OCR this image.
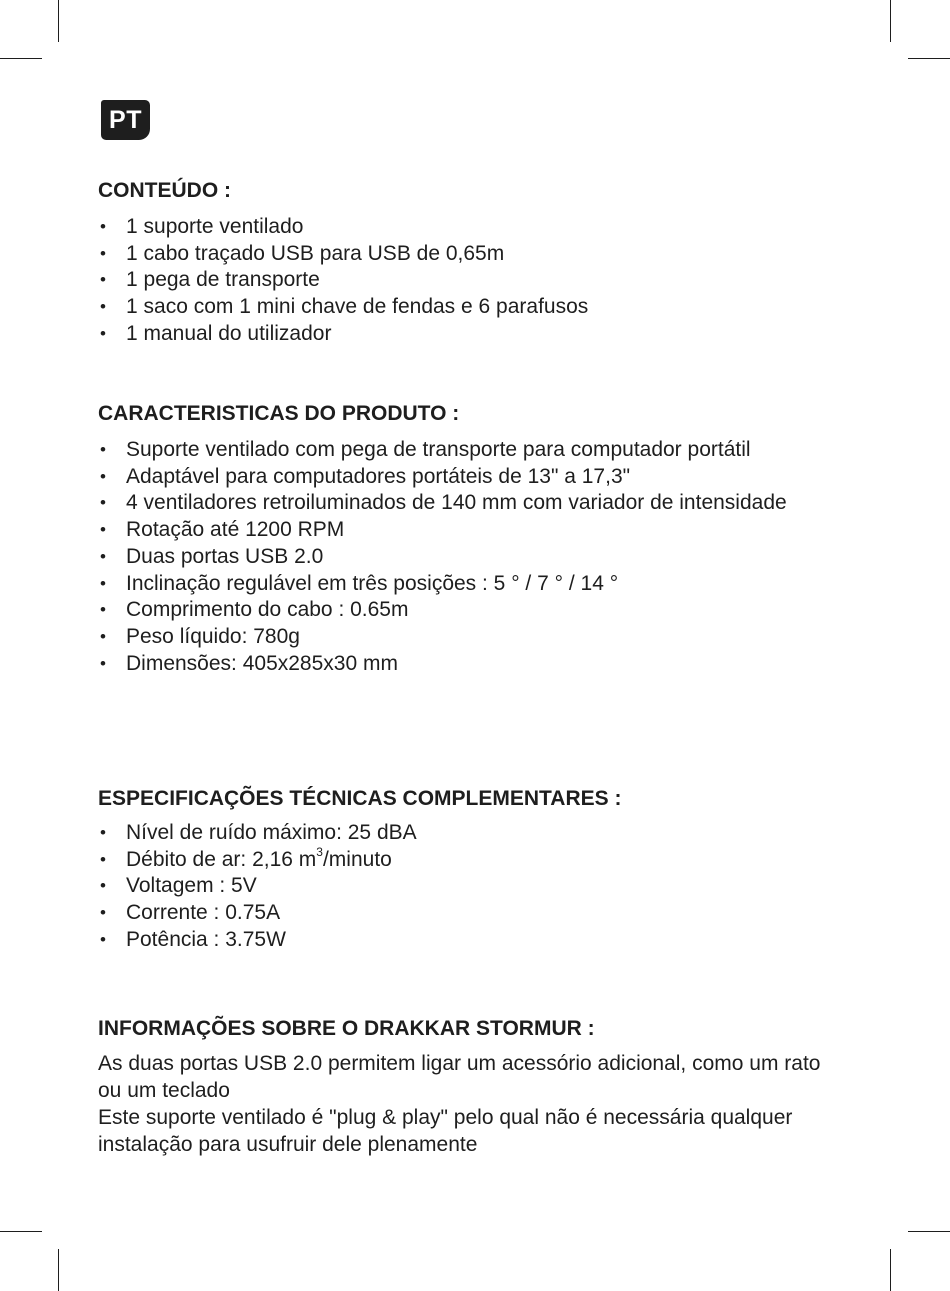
PT
CONTEÚDO :
• 1 suporte ventilado
• 1 cabo traçado USB para USB de 0,65m
• 1 pega de transporte
• 1 saco com 1 mini chave de fendas e 6 parafusos
• 1 manual do utilizador
CARACTERISTICAS DO PRODUTO :
• Suporte ventilado com pega de transporte para computador portátil
• Adaptável para computadores portáteis de 13" a 17,3"
• 4 ventiladores retroiluminados de 140 mm com variador de intensidade
• Rotação até 1200 RPM
• Duas portas USB 2.0
• Inclinação regulável em três posições : 5 ° / 7 ° / 14 °
• Comprimento do cabo : 0.65m
• Peso líquido: 780g
• Dimensões: 405x285x30 mm
ESPECIFICAÇÕES TÉCNICAS COMPLEMENTARES :
• Nível de ruído máximo: 25 dBA
• Débito de ar: 2,16 $m^3$/minuto
• Voltagem : 5V
• Corrente : 0.75A
• Potência : 3.75W
INFORMAÇÕES SOBRE O DRAKKAR STORMUR :

As duas portas USB 2.0 permitem ligar um acessório adicional, como um rato ou um teclado

Este suporte ventilado é "plug & play" pelo qual não é necessária qualquer instalação para usufruir dele plenamente
